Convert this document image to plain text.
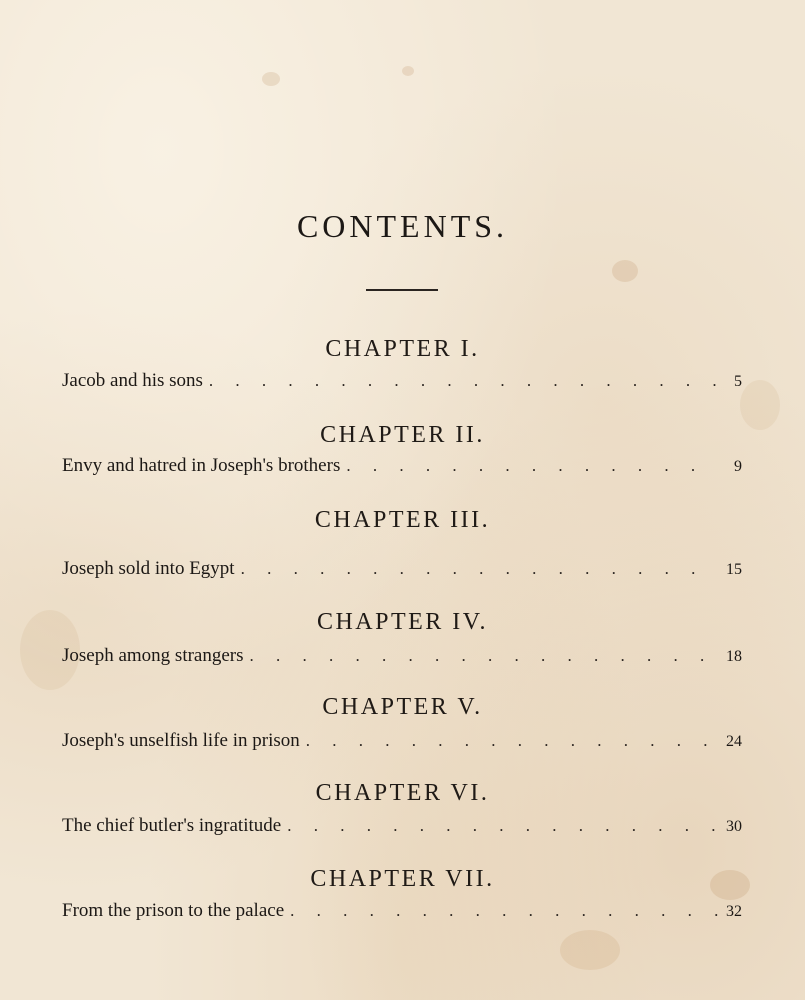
CONTENTS.
CHAPTER I.
Jacob and his sons . . .	5
CHAPTER II.
Envy and hatred in Joseph's brothers . . .	9
CHAPTER III.
Joseph sold into Egypt . . .	15
CHAPTER IV.
Joseph among strangers . . .	18
CHAPTER V.
Joseph's unselfish life in prison . . .	24
CHAPTER VI.
The chief butler's ingratitude . . .	30
CHAPTER VII.
From the prison to the palace . . .	32
